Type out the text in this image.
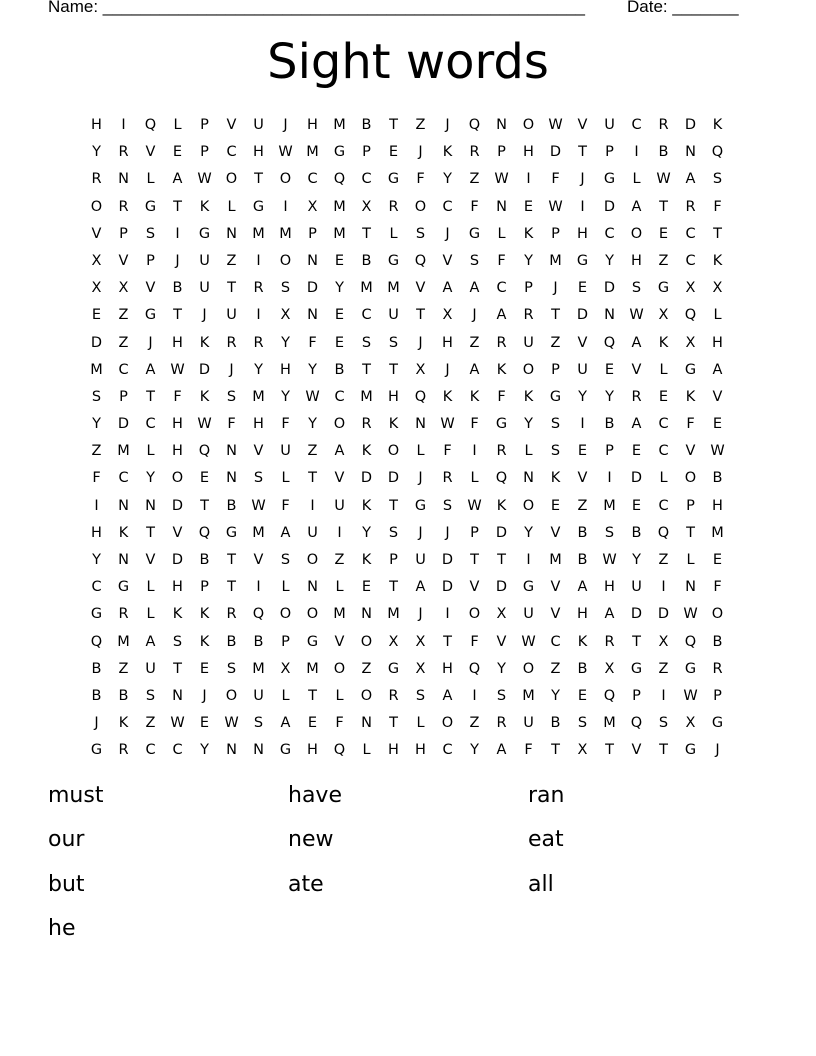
Name: ___________________________________________________ Date: _______
Sight words
H	I	Q	L	P	V	U	J	H	M	B	T	Z	J	Q	N	O W	V	U	C	R	D	K
Y	R	V	E	P	C	H W M	G	P	E	J	K	R	P	H	D	T	P	I	B	N	Q
R	N	L	A	W O	T	O	C	Q	C	G	F	Y	Z	W	I	F	J	G	L	W	A	S
O	R	G	T	K	L	G	I	X	M	X	R	O	C	F	N	E	W	I	D	A	T	R	F
V	P	S	I	G	N	M M	P	M	T	L	S	J	G	L	K	P	H	C	O	E	C	T
X	V	P	J	U	Z	I	O	N	E	B	G	Q	V	S	F	Y	M	G	Y	H	Z	C	K
X	X	V	B	U	T	R	S	D	Y	M M	V	A	A	C	P	J	E	D	S	G	X	X
E	Z	G	T	J	U	I	X	N	E	C	U	T	X	J	A	R	T	D	N W	X	Q	L
D	Z	J	H	K	R	R	Y	F	E	S	S	J	H	Z	R	U	Z	V	Q	A	K	X	H
M	C	A	W D	J	Y	H	Y	B	T	T	X	J	A	K	O	P	U	E	V	L	G	A
S	P	T	F	K	S	M	Y	W	C	M	H	Q	K	K	F	K	G	Y	Y	R	E	K	V
Y	D	C	H W	F	H	F	Y	O	R	K	N W	F	G	Y	S	I	B	A	C	F	E
Z	M	L	H	Q	N	V	U	Z	A	K	O	L	F	I	R	L	S	E	P	E	C	V	W
F	C	Y	O	E	N	S	L	T	V	D	D	J	R	L	Q	N	K	V	I	D	L	O	B
I	N	N	D	T	B	W	F	I	U	K	T	G	S	W	K	O	E	Z	M	E	C	P	H
H	K	T	V	Q	G	M	A	U	I	Y	S	J	J	P	D	Y	V	B	S	B	Q	T	M
Y	N	V	D	B	T	V	S	O	Z	K	P	U	D	T	T	I	M	B	W	Y	Z	L	E
C	G	L	H	P	T	I	L	N	L	E	T	A	D	V	D	G	V	A	H	U	I	N	F
G	R	L	K	K	R	Q	O	O	M	N	M	J	I	O	X	U	V	H	A	D	D W O
Q	M	A	S	K	B	B	P	G	V	O	X	X	T	F	V	W	C	K	R	T	X	Q	B
B	Z	U	T	E	S	M	X	M	O	Z	G	X	H	Q	Y	O	Z	B	X	G	Z	G	R
B	B	S	N	J	O	U	L	T	L	O	R	S	A	I	S	M	Y	E	Q	P	I	W	P
J	K	Z	W	E	W	S	A	E	F	N	T	L	O	Z	R	U	B	S	M	Q	S	X	G
G	R	C	C	Y	N	N	G	H	Q	L	H	H	C	Y	A	F	T	X	T	V	T	G	J
must	have	ran
our	new	eat
but	ate	all
he
